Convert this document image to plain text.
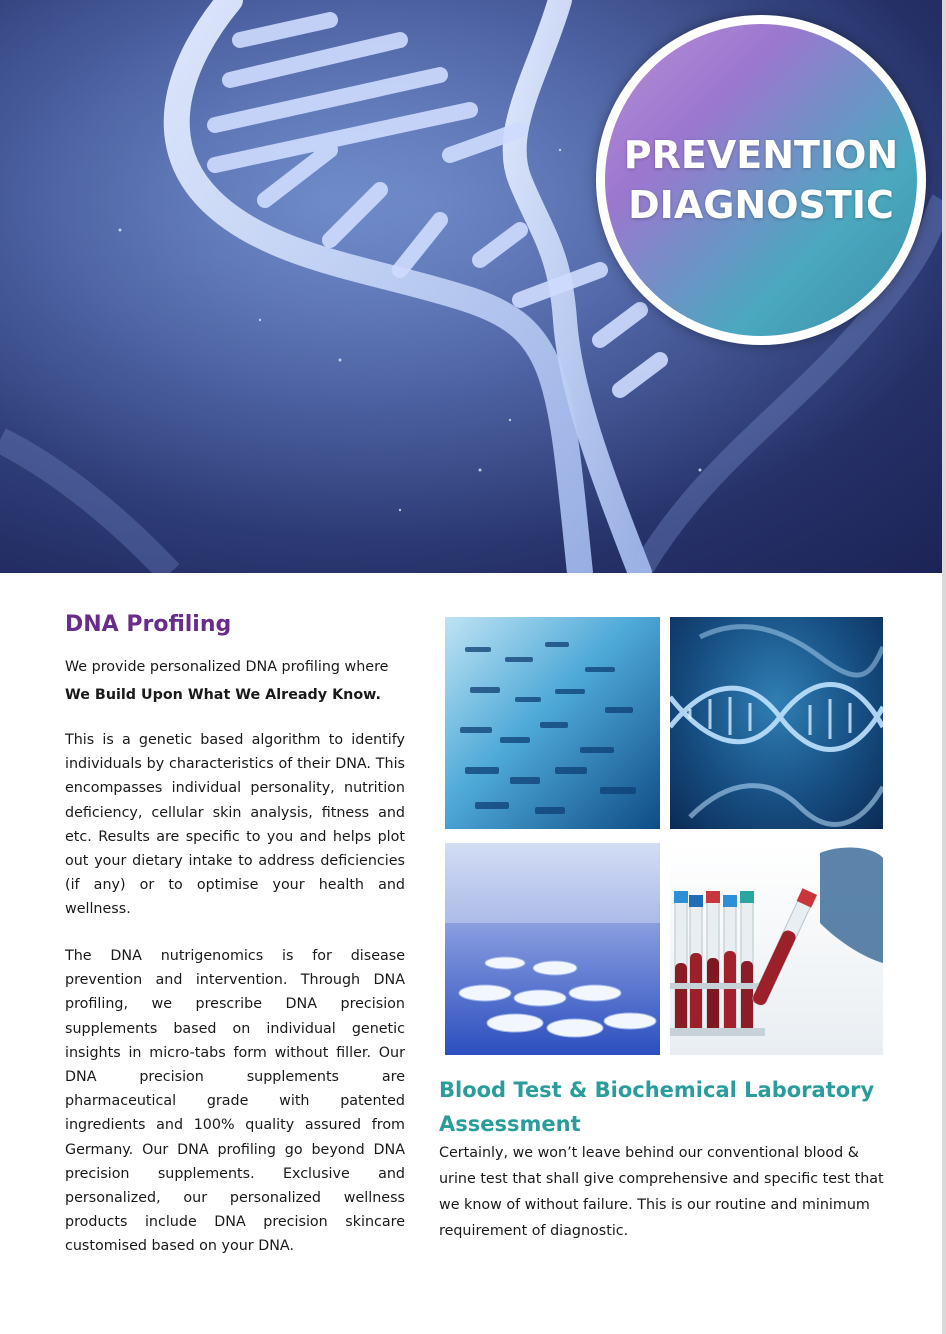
PREVENTION
DIAGNOSTIC
DNA Profiling

We provide personalized DNA profiling where
We Build Upon What We Already Know.

This is a genetic based algorithm to identify individuals by characteristics of their DNA. This encompasses individual personality, nutrition deficiency, cellular skin analysis, fitness and etc. Results are specific to you and helps plot out your dietary intake to address deficiencies (if any) or to optimise your health and wellness.

The DNA nutrigenomics is for disease prevention and intervention. Through DNA profiling, we prescribe DNA precision supplements based on individual genetic insights in micro-tabs form without filler. Our DNA precision supplements are pharmaceutical grade with patented ingredients and 100% quality assured from Germany. Our DNA profiling go beyond DNA precision supplements. Exclusive and personalized, our personalized wellness products include DNA precision skincare customised based on your DNA.

Blood Test & Biochemical Laboratory Assessment

Certainly, we won’t leave behind our conventional blood & urine test that shall give comprehensive and specific test that we know of without failure. This is our routine and minimum requirement of diagnostic.
